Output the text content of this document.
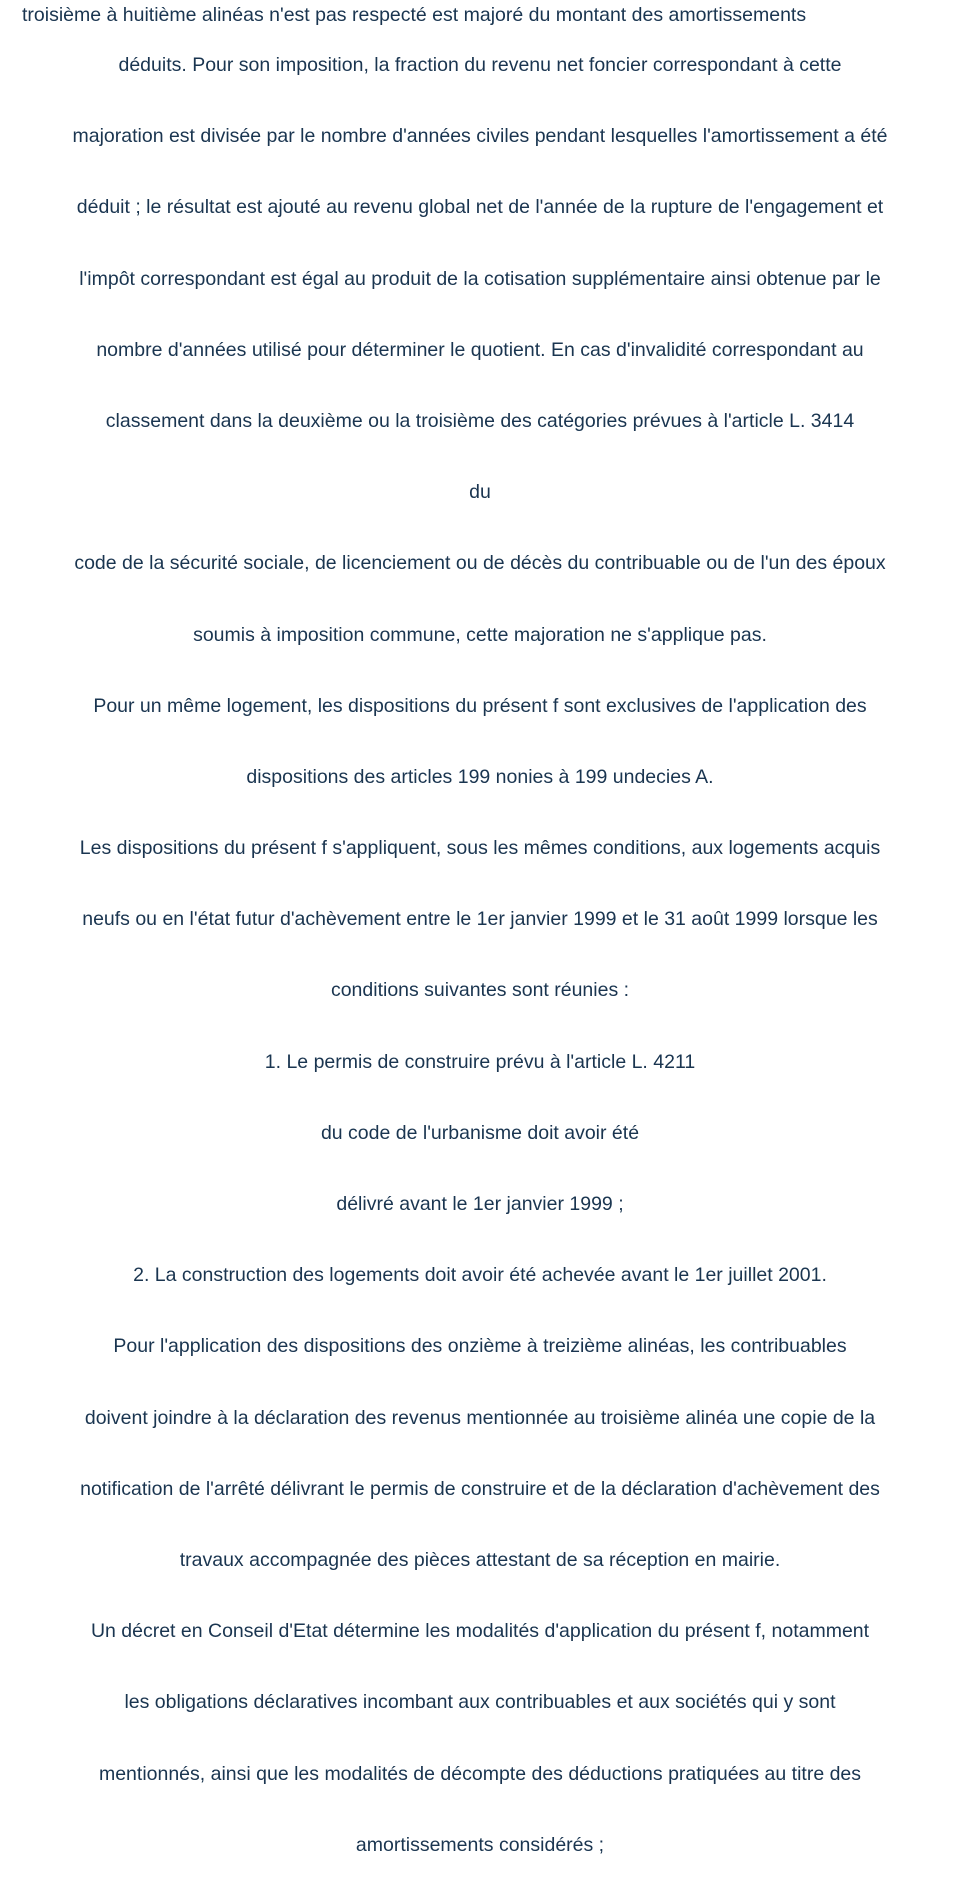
troisième à huitième alinéas n'est pas respecté est majoré du montant des amortissements

déduits. Pour son imposition, la fraction du revenu net foncier correspondant à cette

majoration est divisée par le nombre d'années civiles pendant lesquelles l'amortissement a été

déduit ; le résultat est ajouté au revenu global net de l'année de la rupture de l'engagement et

l'impôt correspondant est égal au produit de la cotisation supplémentaire ainsi obtenue par le

nombre d'années utilisé pour déterminer le quotient. En cas d'invalidité correspondant au

classement dans la deuxième ou la troisième des catégories prévues à l'article L. 3414

du

code de la sécurité sociale, de licenciement ou de décès du contribuable ou de l'un des époux

soumis à imposition commune, cette majoration ne s'applique pas.

Pour un même logement, les dispositions du présent f sont exclusives de l'application des

dispositions des articles 199 nonies à 199 undecies A.

Les dispositions du présent f s'appliquent, sous les mêmes conditions, aux logements acquis

neufs ou en l'état futur d'achèvement entre le 1er janvier 1999 et le 31 août 1999 lorsque les

conditions suivantes sont réunies :

1. Le permis de construire prévu à l'article L. 4211

du code de l'urbanisme doit avoir été

délivré avant le 1er janvier 1999 ;

2. La construction des logements doit avoir été achevée avant le 1er juillet 2001.

Pour l'application des dispositions des onzième à treizième alinéas, les contribuables

doivent joindre à la déclaration des revenus mentionnée au troisième alinéa une copie de la

notification de l'arrêté délivrant le permis de construire et de la déclaration d'achèvement des

travaux accompagnée des pièces attestant de sa réception en mairie.

Un décret en Conseil d'Etat détermine les modalités d'application du présent f, notamment

les obligations déclaratives incombant aux contribuables et aux sociétés qui y sont

mentionnés, ainsi que les modalités de décompte des déductions pratiquées au titre des

amortissements considérés ;
